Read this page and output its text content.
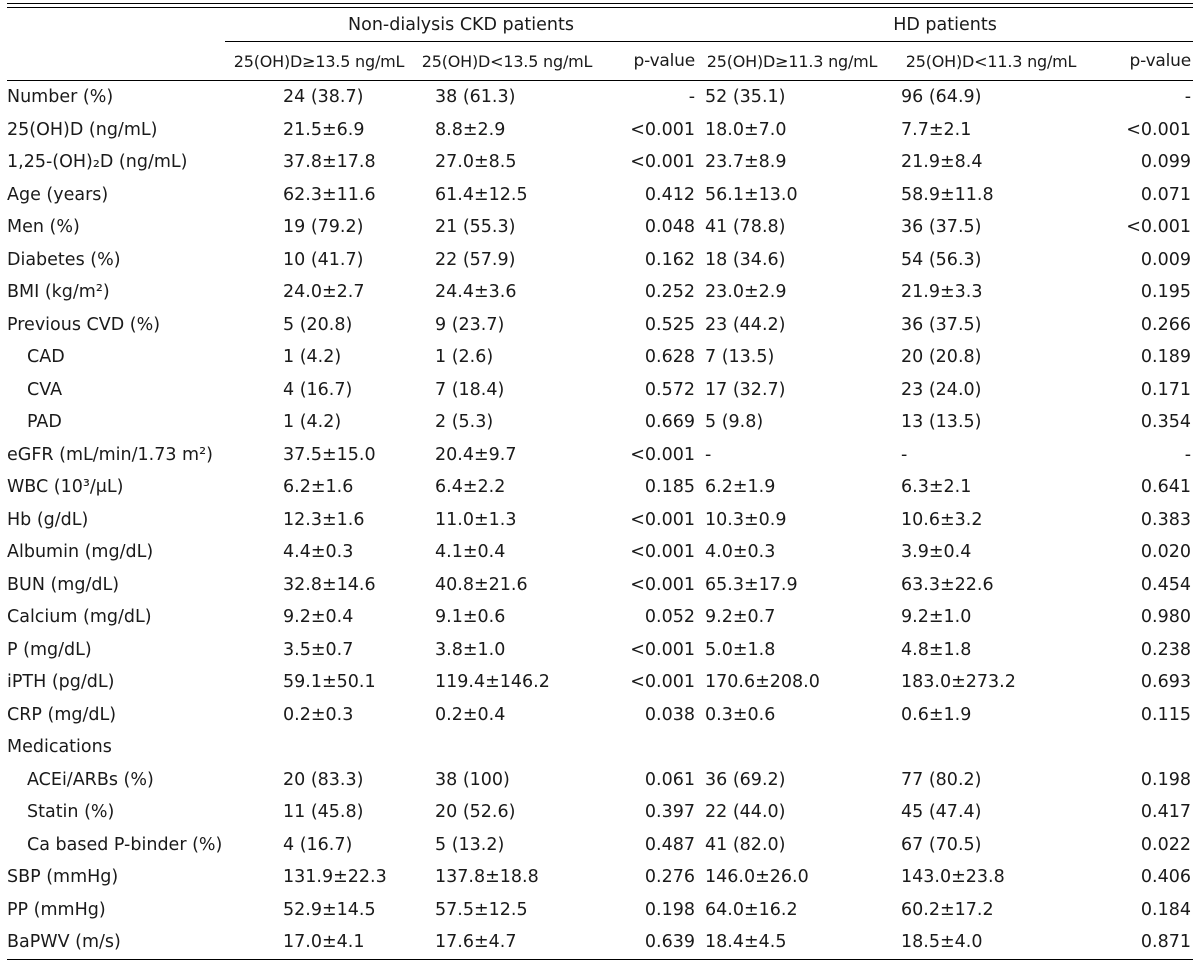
	Non-dialysis CKD patients			HD patients		

	25(OH)D≥13.5 ng/mL	25(OH)D<13.5 ng/mL	p-value	25(OH)D≥11.3 ng/mL	25(OH)D<11.3 ng/mL	p-value
Number (%)	24 (38.7)	38 (61.3)	-	52 (35.1)	96 (64.9)	-
25(OH)D (ng/mL)	21.5±6.9	8.8±2.9	<0.001	18.0±7.0	7.7±2.1	<0.001
1,25-(OH)₂D (ng/mL)	37.8±17.8	27.0±8.5	<0.001	23.7±8.9	21.9±8.4	0.099
Age (years)	62.3±11.6	61.4±12.5	0.412	56.1±13.0	58.9±11.8	0.071
Men (%)	19 (79.2)	21 (55.3)	0.048	41 (78.8)	36 (37.5)	<0.001
Diabetes (%)	10 (41.7)	22 (57.9)	0.162	18 (34.6)	54 (56.3)	0.009
BMI (kg/m²)	24.0±2.7	24.4±3.6	0.252	23.0±2.9	21.9±3.3	0.195
Previous CVD (%)	5 (20.8)	9 (23.7)	0.525	23 (44.2)	36 (37.5)	0.266
CAD	1 (4.2)	1 (2.6)	0.628	7 (13.5)	20 (20.8)	0.189
CVA	4 (16.7)	7 (18.4)	0.572	17 (32.7)	23 (24.0)	0.171
PAD	1 (4.2)	2 (5.3)	0.669	5 (9.8)	13 (13.5)	0.354
eGFR (mL/min/1.73 m²)	37.5±15.0	20.4±9.7	<0.001	-	-	-
WBC (10³/μL)	6.2±1.6	6.4±2.2	0.185	6.2±1.9	6.3±2.1	0.641
Hb (g/dL)	12.3±1.6	11.0±1.3	<0.001	10.3±0.9	10.6±3.2	0.383
Albumin (mg/dL)	4.4±0.3	4.1±0.4	<0.001	4.0±0.3	3.9±0.4	0.020
BUN (mg/dL)	32.8±14.6	40.8±21.6	<0.001	65.3±17.9	63.3±22.6	0.454
Calcium (mg/dL)	9.2±0.4	9.1±0.6	0.052	9.2±0.7	9.2±1.0	0.980
P (mg/dL)	3.5±0.7	3.8±1.0	<0.001	5.0±1.8	4.8±1.8	0.238
iPTH (pg/dL)	59.1±50.1	119.4±146.2	<0.001	170.6±208.0	183.0±273.2	0.693
CRP (mg/dL)	0.2±0.3	0.2±0.4	0.038	0.3±0.6	0.6±1.9	0.115
Medications						
ACEi/ARBs (%)	20 (83.3)	38 (100)	0.061	36 (69.2)	77 (80.2)	0.198
Statin (%)	11 (45.8)	20 (52.6)	0.397	22 (44.0)	45 (47.4)	0.417
Ca based P-binder (%)	4 (16.7)	5 (13.2)	0.487	41 (82.0)	67 (70.5)	0.022
SBP (mmHg)	131.9±22.3	137.8±18.8	0.276	146.0±26.0	143.0±23.8	0.406
PP (mmHg)	52.9±14.5	57.5±12.5	0.198	64.0±16.2	60.2±17.2	0.184
BaPWV (m/s)	17.0±4.1	17.6±4.7	0.639	18.4±4.5	18.5±4.0	0.871
